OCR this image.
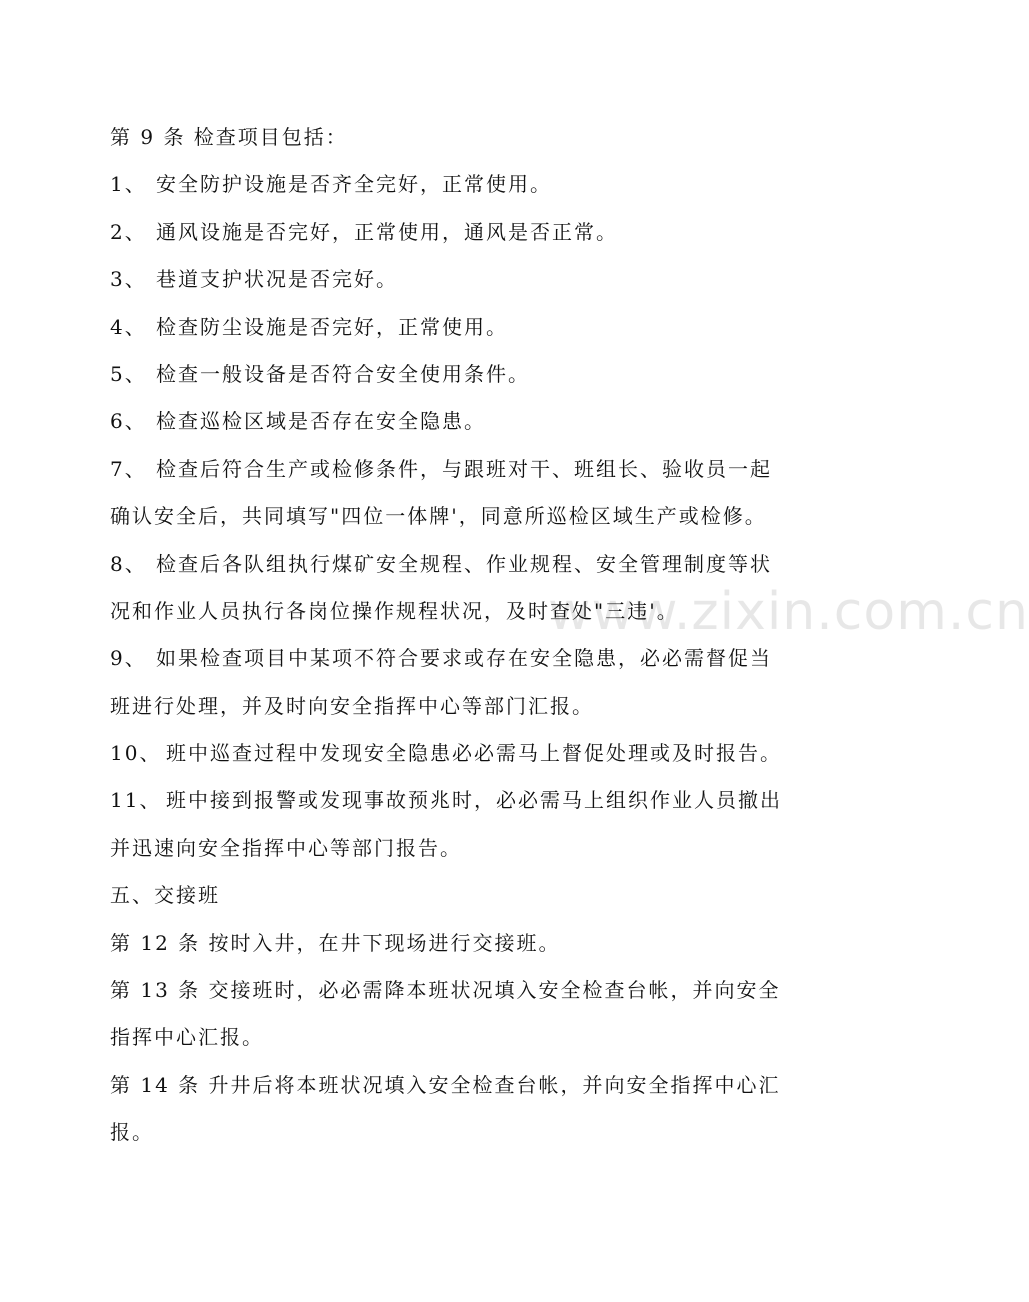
第 9 条 检查项目包括：
1、 安全防护设施是否齐全完好，正常使用。
2、 通风设施是否完好，正常使用，通风是否正常。
3、 巷道支护状况是否完好。
4、 检查防尘设施是否完好，正常使用。
5、 检查一般设备是否符合安全使用条件。
6、 检查巡检区域是否存在安全隐患。
7、 检查后符合生产或检修条件，与跟班对干、班组长、验收员一起
确认安全后，共同填写"四位一体牌'，同意所巡检区域生产或检修。
8、 检查后各队组执行煤矿安全规程、作业规程、安全管理制度等状
况和作业人员执行各岗位操作规程状况，及时查处"三违'。
9、 如果检查项目中某项不符合要求或存在安全隐患，必必需督促当
班进行处理，并及时向安全指挥中心等部门汇报。
10、 班中巡查过程中发现安全隐患必必需马上督促处理或及时报告。
11、 班中接到报警或发现事故预兆时，必必需马上组织作业人员撤出
并迅速向安全指挥中心等部门报告。
五、交接班
第 12 条 按时入井，在井下现场进行交接班。
第 13 条 交接班时，必必需降本班状况填入安全检查台帐，并向安全
指挥中心汇报。
第 14 条 升井后将本班状况填入安全检查台帐，并向安全指挥中心汇
报。
www.zixin.com.cn
